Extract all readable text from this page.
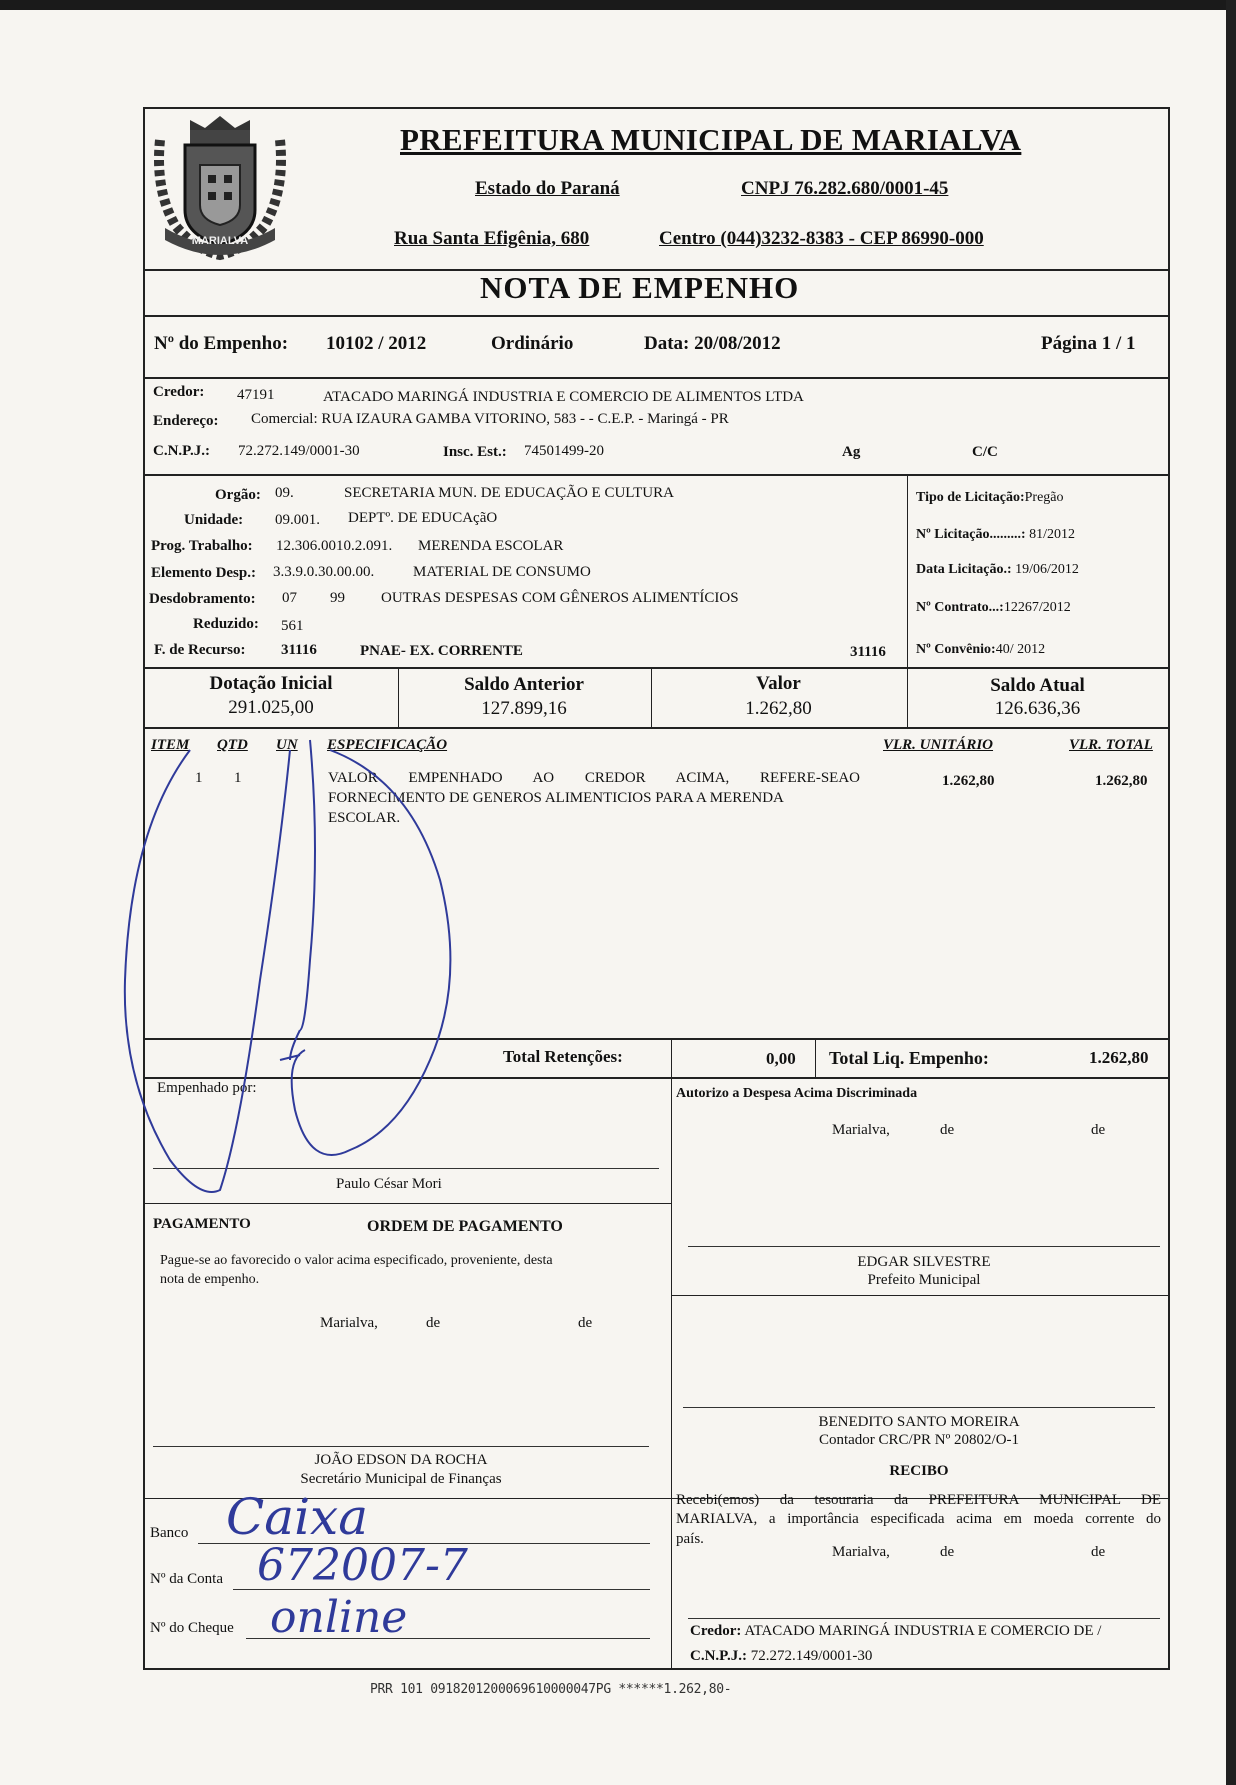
MARIALVA
PREFEITURA MUNICIPAL DE MARIALVA
Estado do Paraná	CNPJ 76.282.680/0001-45
Rua Santa Efigênia, 680	Centro (044)3232-8383 - CEP 86990-000
NOTA DE EMPENHO
Nº do Empenho: 10102 / 2012	Ordinário	Data: 20/08/2012	Página 1 / 1
Credor: 47191	ATACADO MARINGÁ INDUSTRIA E COMERCIO DE ALIMENTOS LTDA
Endereço: Comercial: RUA IZAURA GAMBA VITORINO, 583 - - C.E.P. - Maringá - PR
C.N.P.J.: 72.272.149/0001-30	Insc. Est.: 74501499-20	Ag	C/C
Orgão: 09.	SECRETARIA MUN. DE EDUCAÇÃO E CULTURA
Unidade: 09.001. DEPTº. DE EDUCAçãO
Prog. Trabalho: 12.306.0010.2.091. MERENDA ESCOLAR
Elemento Desp.: 3.3.9.0.30.00.00.	MATERIAL DE CONSUMO
Desdobramento: 07 99 OUTRAS DESPESAS COM GÊNEROS ALIMENTÍCIOS
Reduzido: 561
F. de Recurso: 31116	PNAE- EX. CORRENTE	31116
Tipo de Licitação:Pregão
Nº Licitação.........: 81/2012
Data Licitação.: 19/06/2012
Nº Contrato...:12267/2012
Nº Convênio:40/ 2012
Dotação Inicial
291.025,00
Saldo Anterior
127.899,16
Valor
1.262,80
Saldo Atual
126.636,36
ITEM QTD UN ESPECIFICAÇÃO	VLR. UNITÁRIO	VLR. TOTAL
1 1	VALOR EMPENHADO AO CREDOR ACIMA, REFERE-SEAO
FORNECIMENTO DE GENEROS ALIMENTICIOS PARA A MERENDA
ESCOLAR.
1.262,80	1.262,80
Total Retenções:	0,00 Total Liq. Empenho:	1.262,80
Empenhado por:
Paulo César Mori
Autorizo a Despesa Acima Discriminada
Marialva,	de	de
PAGAMENTO	ORDEM DE PAGAMENTO
Pague-se ao favorecido o valor acima especificado, proveniente, desta
nota de empenho.
Marialva,	de	de
EDGAR SILVESTRE
Prefeito Municipal
BENEDITO SANTO MOREIRA
Contador CRC/PR Nº 20802/O-1
JOÃO EDSON DA ROCHA
Secretário Municipal de Finanças	RECIBO
Recebi(emos) da tesouraria da PREFEITURA MUNICIPAL DE
MARIALVA, a importância especificada acima em moeda corrente do
país.
Marialva,	de	de
Credor: ATACADO MARINGÁ INDUSTRIA E COMERCIO DE /
C.N.P.J.: 72.272.149/0001-30
Banco Caixa
Nº da Conta 672007-7
Nº do Cheque online
PRR 101 0918201200069610000047PG ******1.262,80-
